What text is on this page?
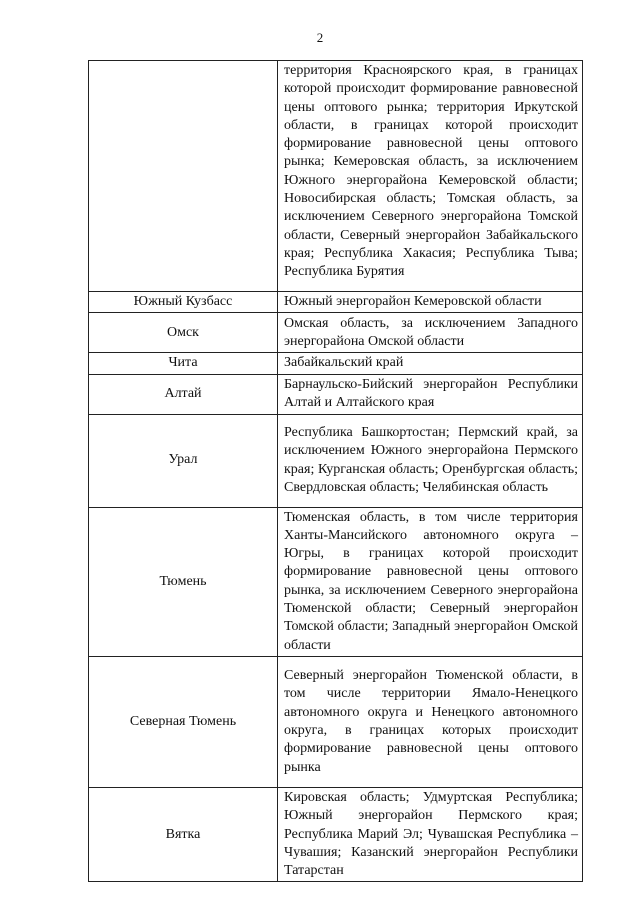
2
	территория Красноярского края, в границах которой происходит формирование равновесной цены оптового рынка; территория Иркутской области, в границах которой происходит формирование равновесной цены оптового рынка; Кемеровская область, за исключением Южного энергорайона Кемеровской области; Новосибирская область; Томская область, за исключением Северного энергорайона Томской области, Северный энергорайон Забайкальского края; Республика Хакасия; Республика Тыва; Республика Бурятия
Южный Кузбасс	Южный энергорайон Кемеровской области
Омск	Омская область, за исключением Западного энергорайона Омской области
Чита	Забайкальский край
Алтай	Барнаульско-Бийский энергорайон Республики Алтай и Алтайского края
Урал	Республика Башкортостан; Пермский край, за исключением Южного энергорайона Пермского края; Курганская область; Оренбургская область; Свердловская область; Челябинская область
Тюмень	Тюменская область, в том числе территория Ханты-Мансийского автономного округа – Югры, в границах которой происходит формирование равновесной цены оптового рынка, за исключением Северного энергорайона Тюменской области; Северный энергорайон Томской области; Западный энергорайон Омской области
Северная Тюмень	Северный энергорайон Тюменской области, в том числе территории Ямало-Ненецкого автономного округа и Ненецкого автономного округа, в границах которых происходит формирование равновесной цены оптового рынка
Вятка	Кировская область; Удмуртская Республика; Южный энергорайон Пермского края; Республика Марий Эл; Чувашская Республика – Чувашия; Казанский энергорайон Республики Татарстан
